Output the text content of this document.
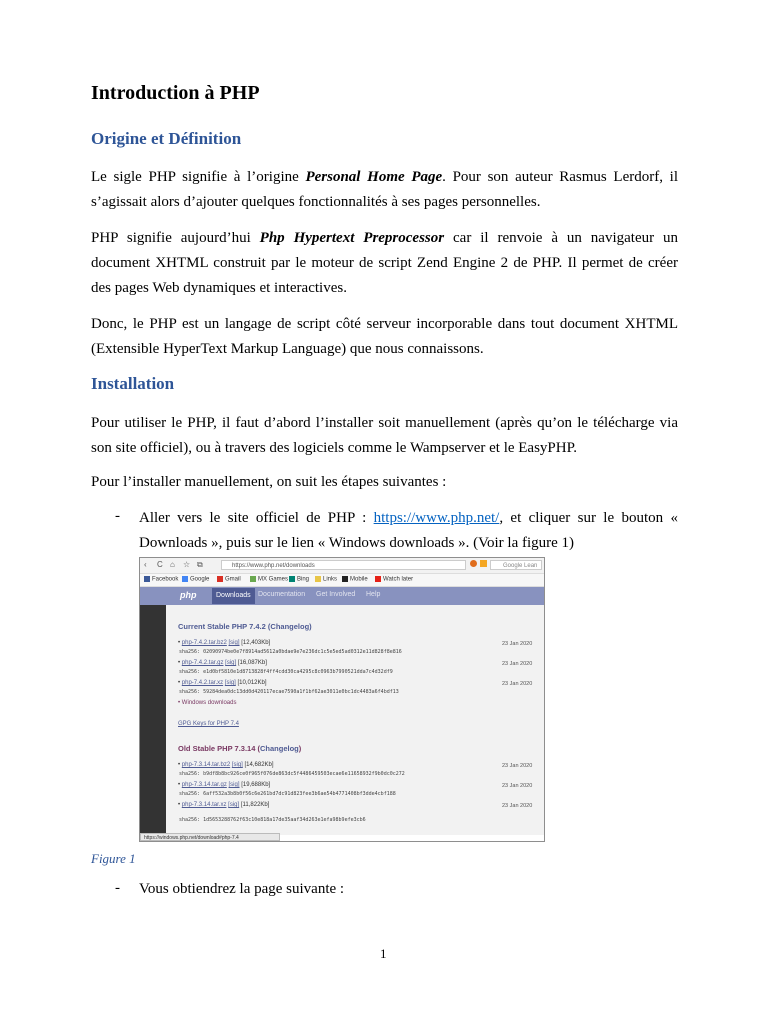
Introduction à PHP
Origine et Définition

Le sigle PHP signifie à l’origine Personal Home Page. Pour son auteur Rasmus Lerdorf, il s’agissait alors d’ajouter quelques fonctionnalités à ses pages personnelles.

PHP signifie aujourd’hui Php Hypertext Preprocessor car il renvoie à un navigateur un document XHTML construit par le moteur de script Zend Engine 2 de PHP. Il permet de créer des pages Web dynamiques et interactives.

Donc, le PHP est un langage de script côté serveur incorporable dans tout document XHTML (Extensible HyperText Markup Language) que nous connaissons.

Installation

Pour utiliser le PHP, il faut d’abord l’installer soit manuellement (après qu’on le télécharge via son site officiel), ou à travers des logiciels comme le Wampserver et le EasyPHP.

Pour l’installer manuellement, on suit les étapes suivantes :

- Aller vers le site officiel de PHP : https://www.php.net/, et cliquer sur le bouton « Downloads », puis sur le lien « Windows downloads ». (Voir la figure 1)

‹ C ⌂ ☆ ⧉	https://www.php.net/downloads	Google Lean
Facebook	Google	Gmail	MX Games	Bing	Links	Mobile	Watch later
php	Downloads	Documentation Get Involved Help
Current Stable PHP 7.4.2 (Changelog)
• php-7.4.2.tar.bz2 [sig] [12,403Kb]	23 Jan 2020
sha256: 02090974be0e7f8914ad5612a0bdae9e7e236dc1c5e5ed5ad0312e11d828f8e816
• php-7.4.2.tar.gz [sig] [16,087Kb]	23 Jan 2020
sha256: e1d0bf5810e1d8713828f4ff4cdd30ca4295c8c0963b7990521dda7c4d32df9
• php-7.4.2.tar.xz [sig] [10,012Kb]	23 Jan 2020
sha256: 59284dea0dc13dd0d420117ecae7590a1f1bf62ae3011e0bc1dc4483a6f4bdf13
• Windows downloads
GPG Keys for PHP 7.4
Old Stable PHP 7.3.14 (Changelog)
• php-7.3.14.tar.bz2 [sig] [14,682Kb]	23 Jan 2020
sha256: b9df8b8bc926ce0f965f076de863dc5f4486459503ecae6e11658932f9b0dc0c272
• php-7.3.14.tar.gz [sig] [19,688Kb]	23 Jan 2020
sha256: 6aff532a3b8b0f56c6e261bd7dc91d823fee3b6ae54b4771408bf3dde4cbf188
• php-7.3.14.tar.xz [sig] [11,822Kb]	23 Jan 2020
sha256: 1d5653288762f63c10e818a17de35aaf34d263e1efa98b9efe3cb6
https://windows.php.net/download#php-7.4
Figure 1
- Vous obtiendrez la page suivante :

1
